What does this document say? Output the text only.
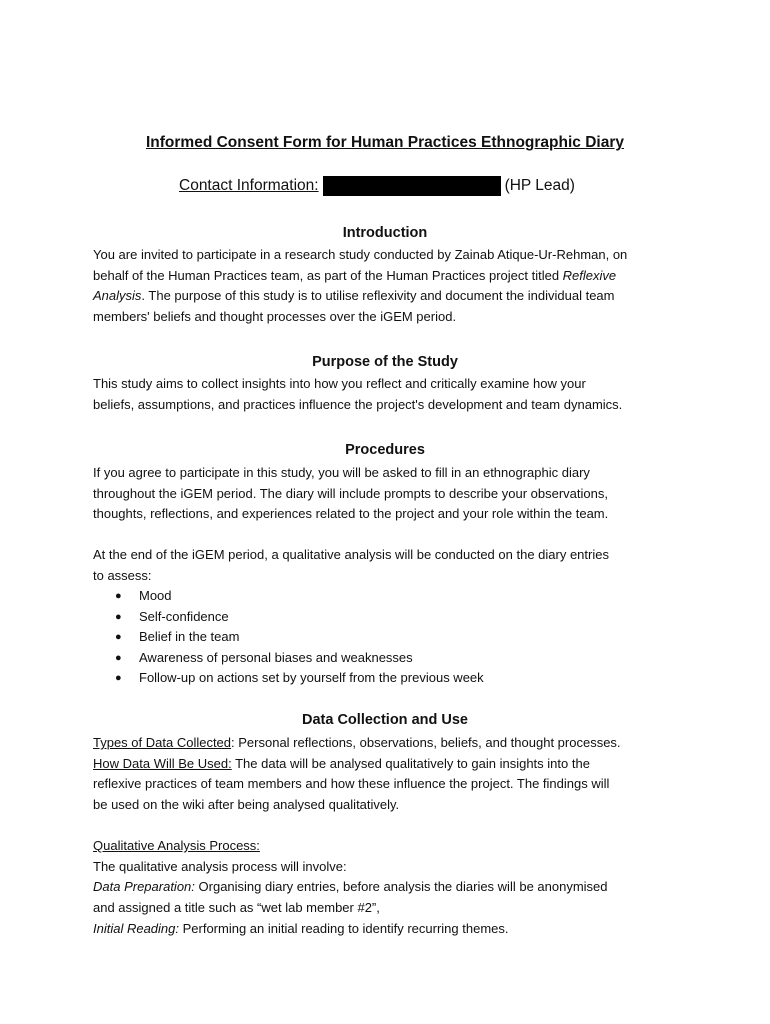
Informed Consent Form for Human Practices Ethnographic Diary
Contact Information:	(HP Lead)
Introduction
You are invited to participate in a research study conducted by Zainab Atique-Ur-Rehman, on
behalf of the Human Practices team, as part of the Human Practices project titled Reflexive
Analysis. The purpose of this study is to utilise reflexivity and document the individual team
members' beliefs and thought processes over the iGEM period.
Purpose of the Study
This study aims to collect insights into how you reflect and critically examine how your
beliefs, assumptions, and practices influence the project's development and team dynamics.
Procedures
If you agree to participate in this study, you will be asked to fill in an ethnographic diary
throughout the iGEM period. The diary will include prompts to describe your observations,
thoughts, reflections, and experiences related to the project and your role within the team.
At the end of the iGEM period, a qualitative analysis will be conducted on the diary entries
to assess:
● Mood
● Self-confidence
● Belief in the team
● Awareness of personal biases and weaknesses
● Follow-up on actions set by yourself from the previous week
Data Collection and Use
Types of Data Collected: Personal reflections, observations, beliefs, and thought processes.
How Data Will Be Used: The data will be analysed qualitatively to gain insights into the
reflexive practices of team members and how these influence the project. The findings will
be used on the wiki after being analysed qualitatively.
Qualitative Analysis Process:
The qualitative analysis process will involve:
Data Preparation: Organising diary entries, before analysis the diaries will be anonymised
and assigned a title such as “wet lab member #2”,
Initial Reading: Performing an initial reading to identify recurring themes.
